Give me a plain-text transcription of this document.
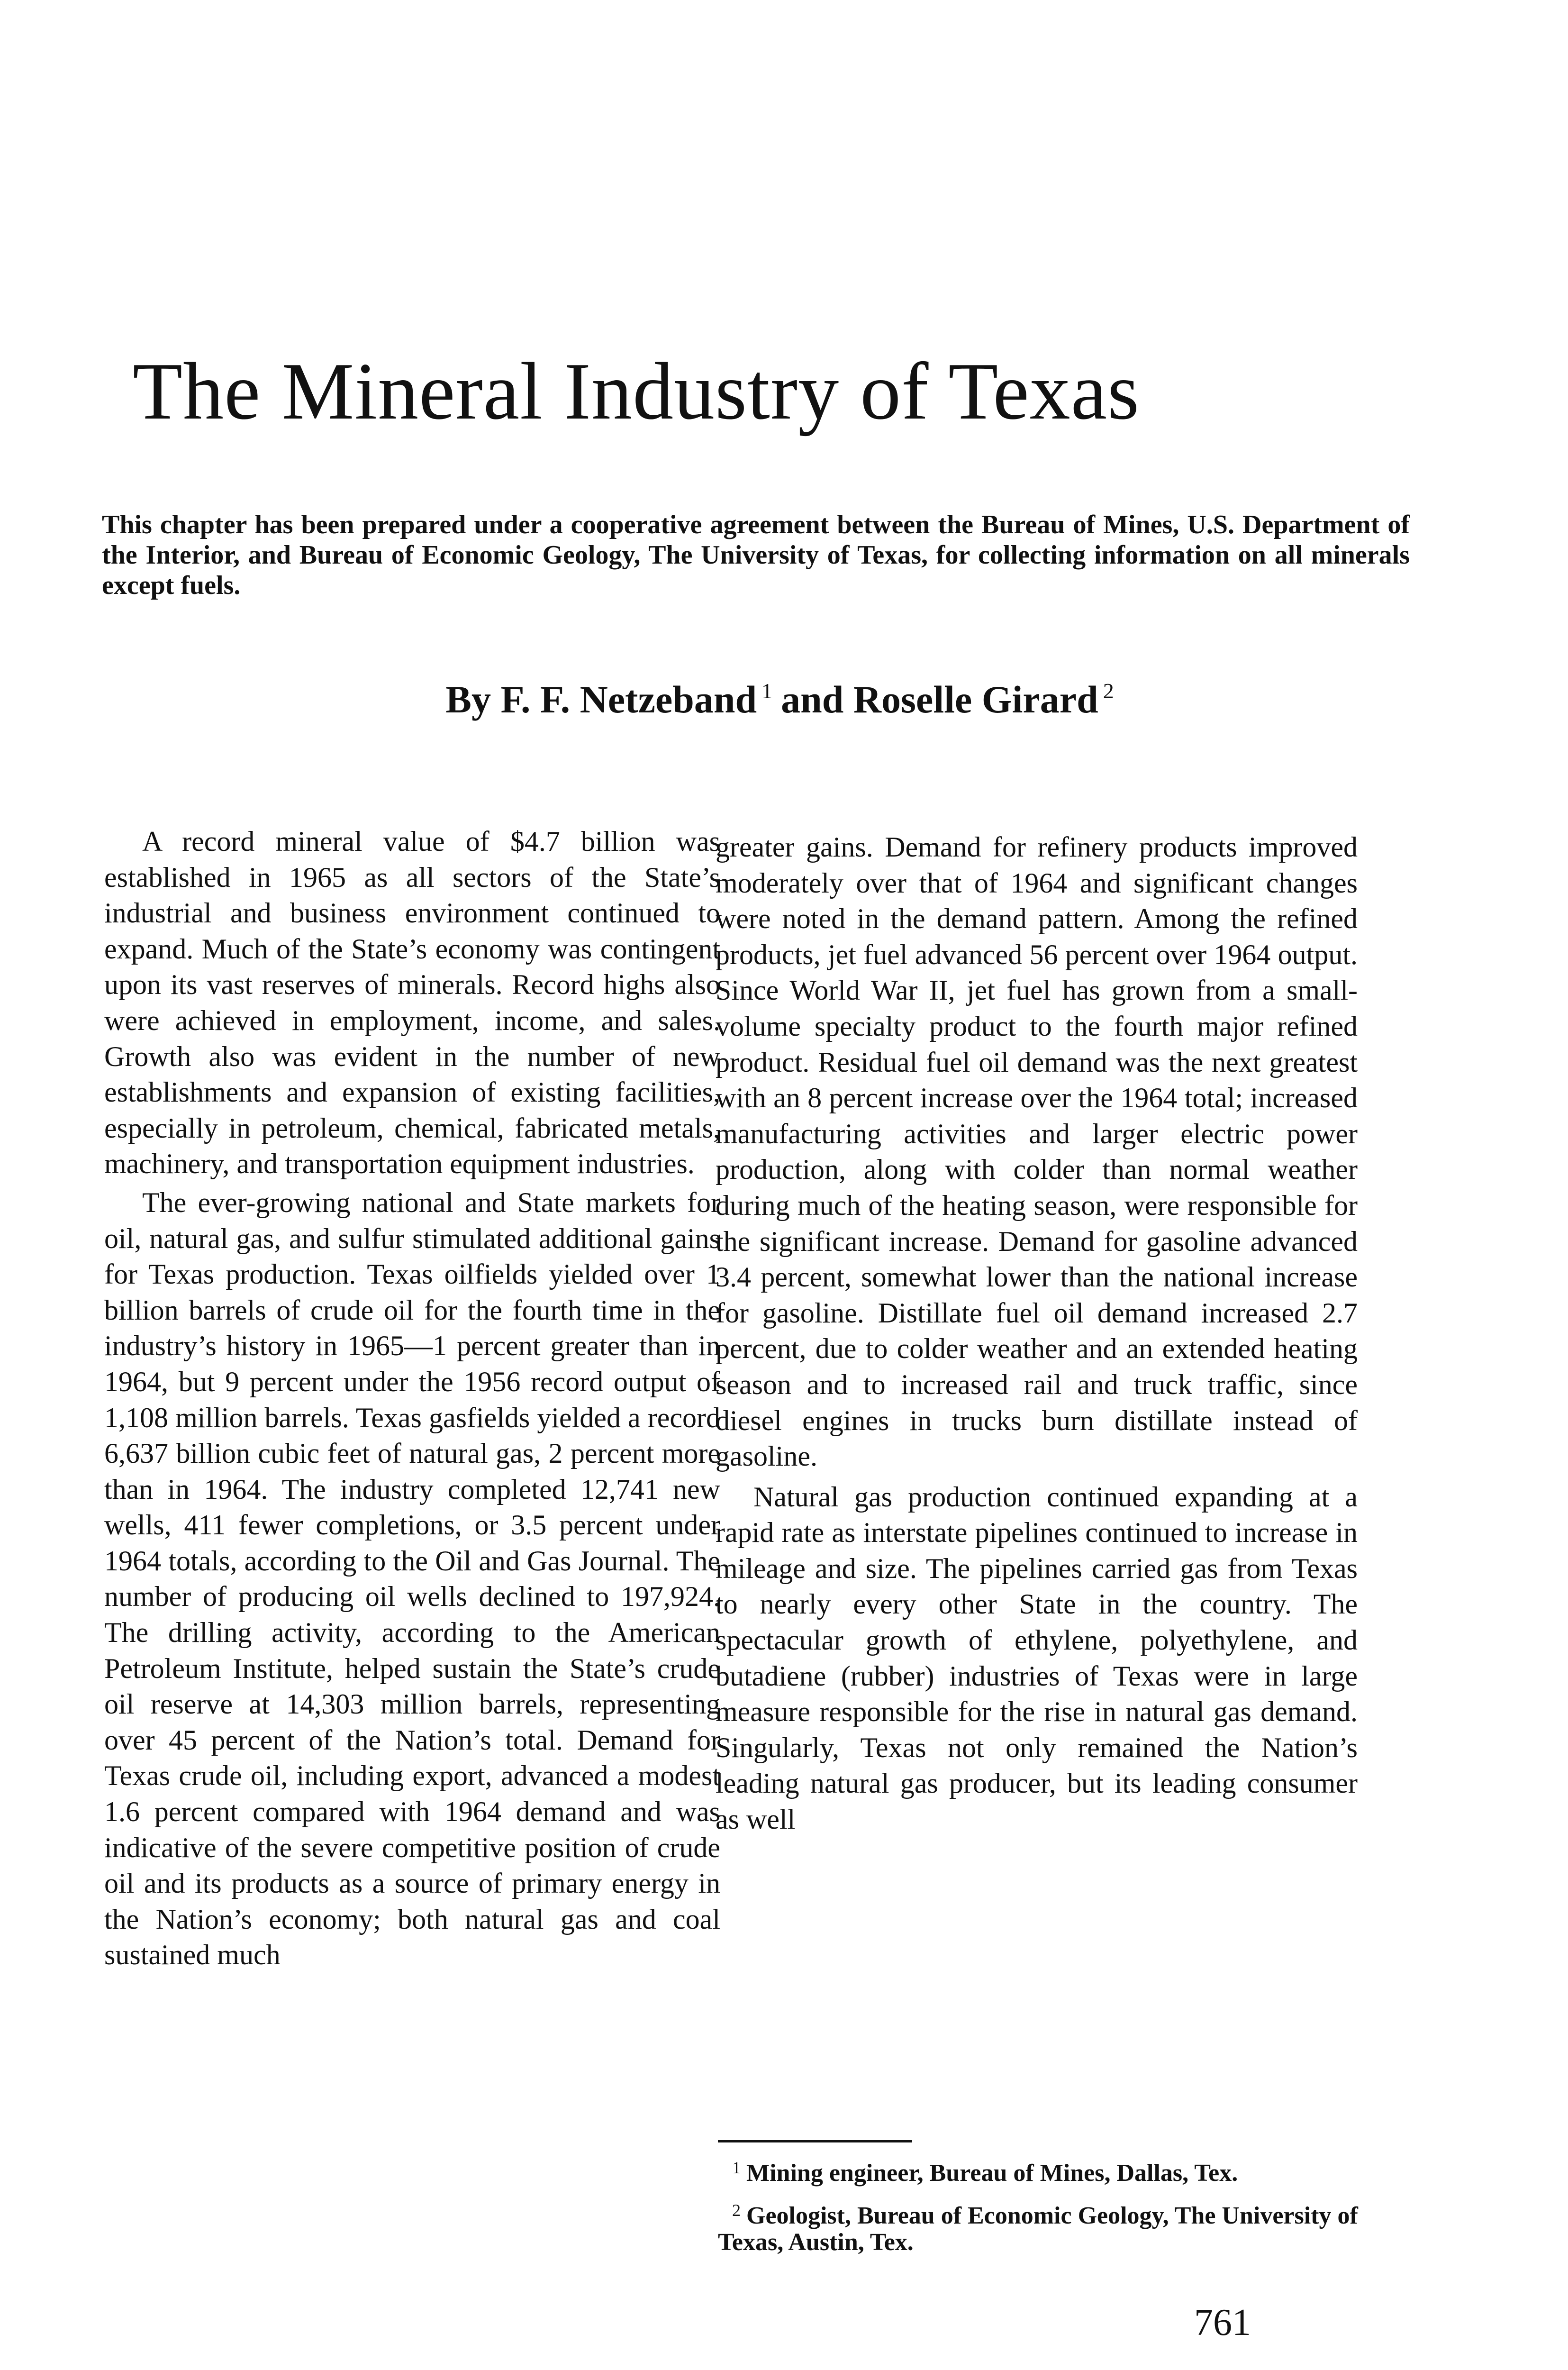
The Mineral Industry of Texas

This chapter has been prepared under a cooperative agreement between the Bureau of Mines, U.S. Department of the Interior, and Bureau of Economic Geology, The University of Texas, for collecting information on all minerals except fuels.

By F. F. Netzeband $^1$ and Roselle Girard $^2$

A record mineral value of $4.7 billion was established in 1965 as all sectors of the State’s industrial and business environment continued to expand. Much of the State’s economy was contingent upon its vast reserves of minerals. Record highs also were achieved in employment, income, and sales. Growth also was evident in the number of new establishments and expansion of existing facilities, especially in petroleum, chemical, fabricated metals, machinery, and transportation equipment industries.

The ever-growing national and State markets for oil, natural gas, and sulfur stimulated additional gains for Texas production. Texas oilfields yielded over 1 billion barrels of crude oil for the fourth time in the industry’s history in 1965—1 percent greater than in 1964, but 9 percent under the 1956 record output of 1,108 million barrels. Texas gasfields yielded a record 6,637 billion cubic feet of natural gas, 2 percent more than in 1964. The industry completed 12,741 new wells, 411 fewer completions, or 3.5 percent under 1964 totals, according to the Oil and Gas Journal. The number of producing oil wells declined to 197,924. The drilling activity, according to the American Petroleum Institute, helped sustain the State’s crude oil reserve at 14,303 million barrels, representing over 45 percent of the Nation’s total. Demand for Texas crude oil, including export, advanced a modest 1.6 percent compared with 1964 demand and was indicative of the severe competitive position of crude oil and its products as a source of primary energy in the Nation’s economy; both natural gas and coal sustained much

greater gains. Demand for refinery products improved moderately over that of 1964 and significant changes were noted in the demand pattern. Among the refined products, jet fuel advanced 56 percent over 1964 output. Since World War II, jet fuel has grown from a small-volume specialty product to the fourth major refined product. Residual fuel oil demand was the next greatest with an 8 percent increase over the 1964 total; increased manufacturing activities and larger electric power production, along with colder than normal weather during much of the heating season, were responsible for the significant increase. Demand for gasoline advanced 3.4 percent, somewhat lower than the national increase for gasoline. Distillate fuel oil demand increased 2.7 percent, due to colder weather and an extended heating season and to increased rail and truck traffic, since diesel engines in trucks burn distillate instead of gasoline.

Natural gas production continued expanding at a rapid rate as interstate pipelines continued to increase in mileage and size. The pipelines carried gas from Texas to nearly every other State in the country. The spectacular growth of ethylene, polyethylene, and butadiene (rubber) industries of Texas were in large measure responsible for the rise in natural gas demand. Singularly, Texas not only remained the Nation’s leading natural gas producer, but its leading consumer as well

$^1$ Mining engineer, Bureau of Mines, Dallas, Tex.

$^2$ Geologist, Bureau of Economic Geology, The University of Texas, Austin, Tex.

761
